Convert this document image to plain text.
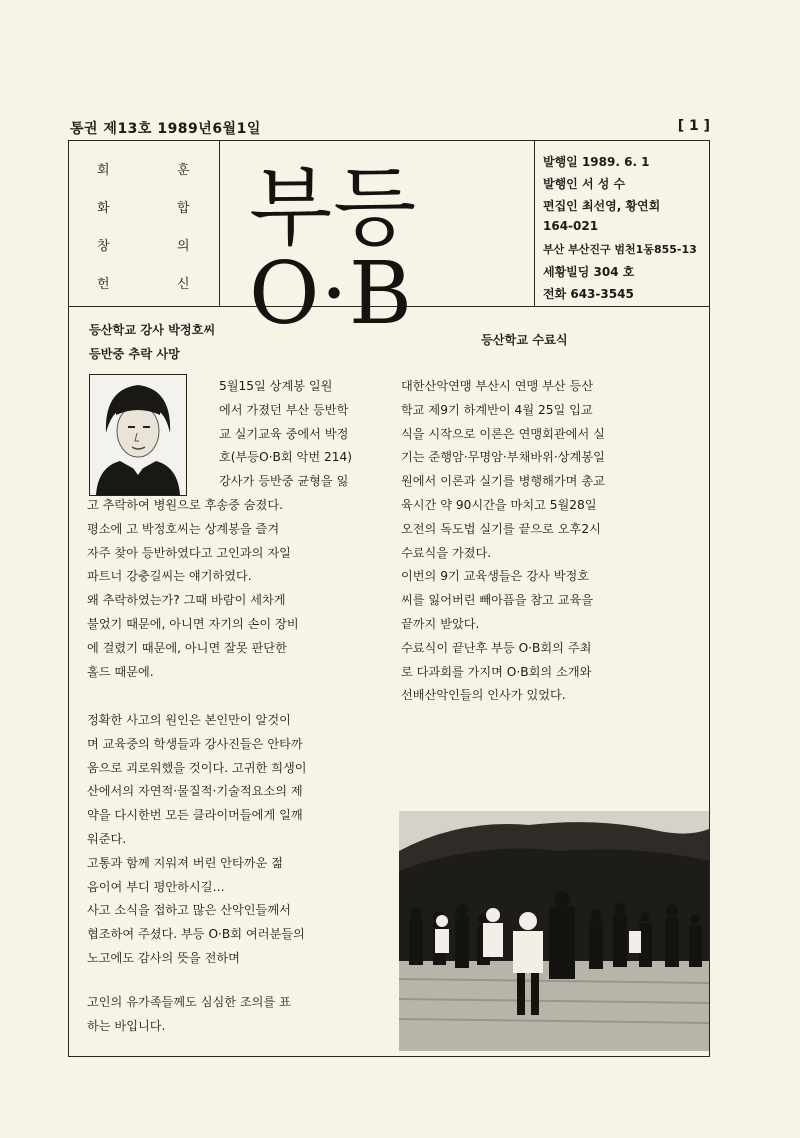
통권 제13호 1989년6월1일	[ 1 ]
회	훈
화	합
창	의
헌	신
부등O·B
발행일 1989. 6. 1
발행인 서 성 수
편집인 최선영, 황연회
164-021
부산 부산진구 범천1동855-13
세황빌딩 304 호
전화 643-3545
등산학교 강사 박정호씨
등반중 추락 사망
5월15일 상계봉 일원
에서 가졌던 부산 등반학
교 실기교육 중에서 박정
호(부등O·B회 악번 214)
강사가 등반중 균형을 잃
고 추락하여 병원으로 후송중 숨졌다.
평소에 고 박정호씨는 상계봉을 즐겨
자주 찾아 등반하였다고 고인과의 자일
파트너 강충길씨는 얘기하였다.
왜 추락하였는가? 그때 바람이 세차게
불었기 때문에, 아니면 자기의 손이 장비
에 걸렸기 때문에, 아니면 잘못 판단한
홀드 때문에.
정확한 사고의 원인은 본인만이 알것이
며 교육중의 학생들과 강사진들은 안타까
움으로 괴로워했을 것이다. 고귀한 희생이
산에서의 자연적·물질적·기술적요소의 제
약을 다시한번 모든 클라이머들에게 일깨
워준다.
고통과 함께 지워져 버린 안타까운 젊
음이여 부디 평안하시길…
사고 소식을 접하고 많은 산악인들께서
협조하여 주셨다. 부등 O·B회 여러분들의
노고에도 감사의 뜻을 전하며
고인의 유가족들께도 심심한 조의를 표
하는 바입니다.
등산학교 수료식
대한산악연맹 부산시 연맹 부산 등산
학교 제9기 하계반이 4월 25일 입교
식을 시작으로 이론은 연맹회관에서 실
기는 준행암·무명암·부채바위·상계봉일
원에서 이론과 실기를 병행해가며 총교
육시간 약 90시간을 마치고 5월28일
오전의 독도법 실기를 끝으로 오후2시
수료식을 가졌다.
이번의 9기 교육생들은 강사 박정호
씨를 잃어버린 빼아픔을 참고 교육을
끝까지 받았다.
수료식이 끝난후 부등 O·B회의 주최
로 다과회를 가지며 O·B회의 소개와
선배산악인들의 인사가 있었다.
